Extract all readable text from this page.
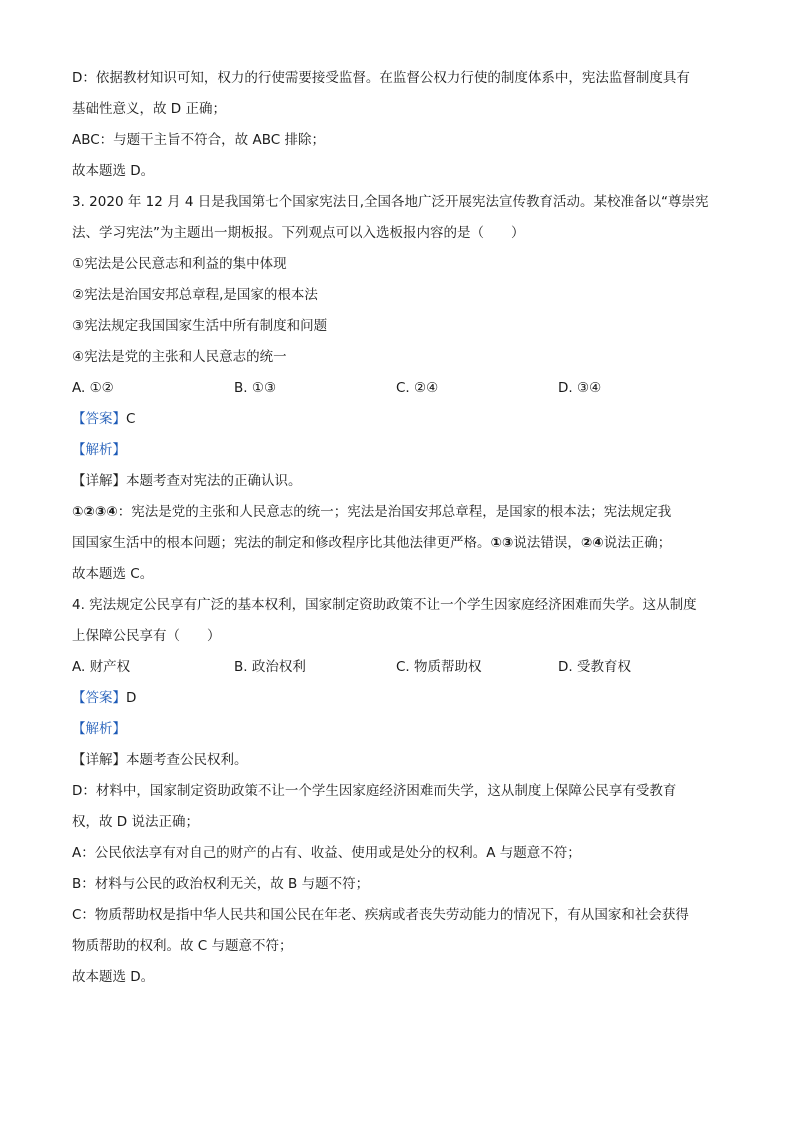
D：依据教材知识可知，权力的行使需要接受监督。在监督公权力行使的制度体系中，宪法监督制度具有
基础性意义，故 D 正确；
ABC：与题干主旨不符合，故 ABC 排除；
故本题选 D。
3. 2020 年 12 月 4 日是我国第七个国家宪法日,全国各地广泛开展宪法宣传教育活动。某校准备以“尊崇宪
法、学习宪法”为主题出一期板报。下列观点可以入选板报内容的是（　　）
①宪法是公民意志和利益的集中体现
②宪法是治国安邦总章程,是国家的根本法
③宪法规定我国国家生活中所有制度和问题
④宪法是党的主张和人民意志的统一
A. ①②	B. ①③	C. ②④	D. ③④
【答案】C
【解析】
【详解】本题考查对宪法的正确认识。
①②③④：宪法是党的主张和人民意志的统一；宪法是治国安邦总章程，是国家的根本法；宪法规定我
国国家生活中的根本问题；宪法的制定和修改程序比其他法律更严格。①③说法错误，②④说法正确；
故本题选 C。
4. 宪法规定公民享有广泛的基本权利，国家制定资助政策不让一个学生因家庭经济困难而失学。这从制度
上保障公民享有（　　）
A. 财产权	B. 政治权利	C. 物质帮助权	D. 受教育权
【答案】D
【解析】
【详解】本题考查公民权利。
D：材料中，国家制定资助政策不让一个学生因家庭经济困难而失学，这从制度上保障公民享有受教育
权，故 D 说法正确；
A：公民依法享有对自己的财产的占有、收益、使用或是处分的权利。A 与题意不符；
B：材料与公民的政治权利无关，故 B 与题不符；
C：物质帮助权是指中华人民共和国公民在年老、疾病或者丧失劳动能力的情况下，有从国家和社会获得
物质帮助的权利。故 C 与题意不符；
故本题选 D。
